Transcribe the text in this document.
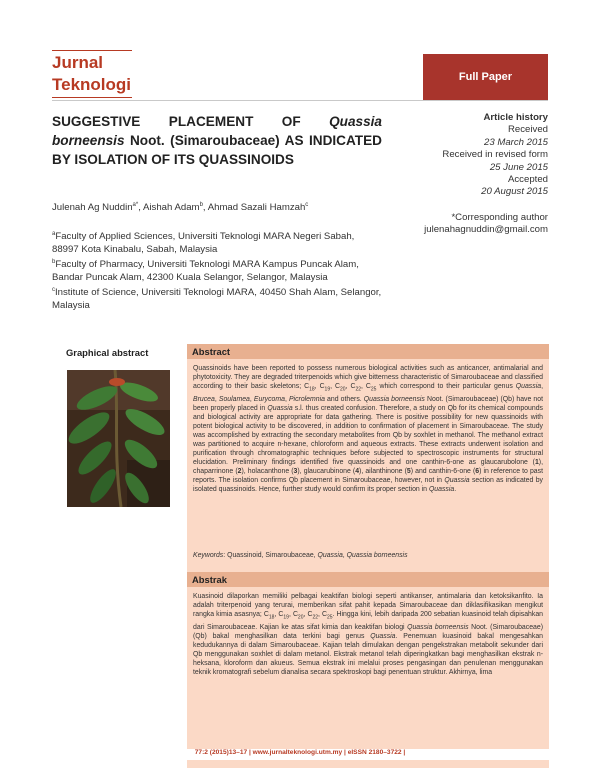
Jurnal
Teknologi	Full Paper
SUGGESTIVE PLACEMENT OF Quassia borneensis Noot. (Simaroubaceae) AS INDICATED BY ISOLATION OF ITS QUASSINOIDS
Article history
Received
23 March 2015
Received in revised form
25 June 2015
Accepted
20 August 2015
Julenah Ag Nuddin$^{a*}$, Aishah Adam$^b$, Ahmad Sazali Hamzah$^c$
$^a$Faculty of Applied Sciences, Universiti Teknologi MARA Negeri Sabah, 88997 Kota Kinabalu, Sabah, Malaysia
$^b$Faculty of Pharmacy, Universiti Teknologi MARA Kampus Puncak Alam, Bandar Puncak Alam, 42300 Kuala Selangor, Selangor, Malaysia
$^c$Institute of Science, Universiti Teknologi MARA, 40450 Shah Alam, Selangor, Malaysia
*Corresponding author
julenahagnuddin@gmail.com
Graphical abstract	Abstract
Quassinoids have been reported to possess numerous biological activities such as anticancer, antimalarial and phytotoxicity. They are degraded triterpenoids which give bitterness characteristic of Simaroubaceae and classified according to their basic skeletons; $C_{18}$, $C_{19}$, $C_{20}$, $C_{22}$, $C_{25}$ which correspond to their particular genus Quassia, Brucea, Soulamea, Eurycoma, Picrolemnia and others. Quassia borneensis Noot. (Simaroubaceae) (Qb) have not been properly placed in Quassia s.l. thus created confusion. Therefore, a study on Qb for its chemical compounds and biological activity are appropriate for data gathering. There is positive possibility for new quassinoids with potent biological activity to be discovered, in addition to confirmation of placement in Simaroubaceae. The study was accomplished by extracting the secondary metabolites from Qb by soxhlet in methanol. The methanol extract was partitioned to acquire n-hexane, chloroform and aqueous extracts. These extracts underwent isolation and purification through chromatographic techniques before subjected to spectroscopic instruments for structural elucidation. Preliminary findings identified five quassinoids and one canthin-6-one as glaucarubolone (1), chaparrinone (2), holacanthone (3), glaucarubinone (4), ailanthinone (5) and canthin-6-one (6) in reference to past reports. The isolation confirms Qb placement in Simaroubaceae, however, not in Quassia section as indicated by isolated quassinoids. Hence, further study would confirm its proper section in Quassia.
Keywords: Quassinoid, Simaroubaceae, Quassia, Quassia borneensis
Abstrak
Kuasinoid dilaporkan memiliki pelbagai keaktifan biologi seperti antikanser, antimalaria dan ketoksikanfito. Ia adalah triterpenoid yang terurai, memberikan sifat pahit kepada Simaroubaceae dan diklasifikasikan mengikut rangka kimia asasnya; $C_{18}$, $C_{19}$, $C_{20}$, $C_{22}$, $C_{25}$. Hingga kini, lebih daripada 200 sebatian kuasinoid telah dipisahkan dari Simaroubaceae. Kajian ke atas sifat kimia dan keaktifan biologi Quassia borneensis Noot. (Simaroubaceae) (Qb) bakal menghasilkan data terkini bagi genus Quassia. Penemuan kuasinoid bakal mengesahkan kedudukannya di dalam Simaroubaceae. Kajian telah dimulakan dengan pengekstrakan metabolit sekunder dari Qb menggunakan soxhlet di dalam metanol. Ekstrak metanol telah diperingkatkan bagi menghasilkan ekstrak n-heksana, kloroform dan akueus. Semua ekstrak ini melalui proses pengasingan dan penulenan menggunakan teknik kromatografi sebelum dianalisa secara spektroskopi bagi penentuan struktur. Akhirnya, lima
77:2 (2015)13–17 | www.jurnalteknologi.utm.my | eISSN 2180–3722 |
